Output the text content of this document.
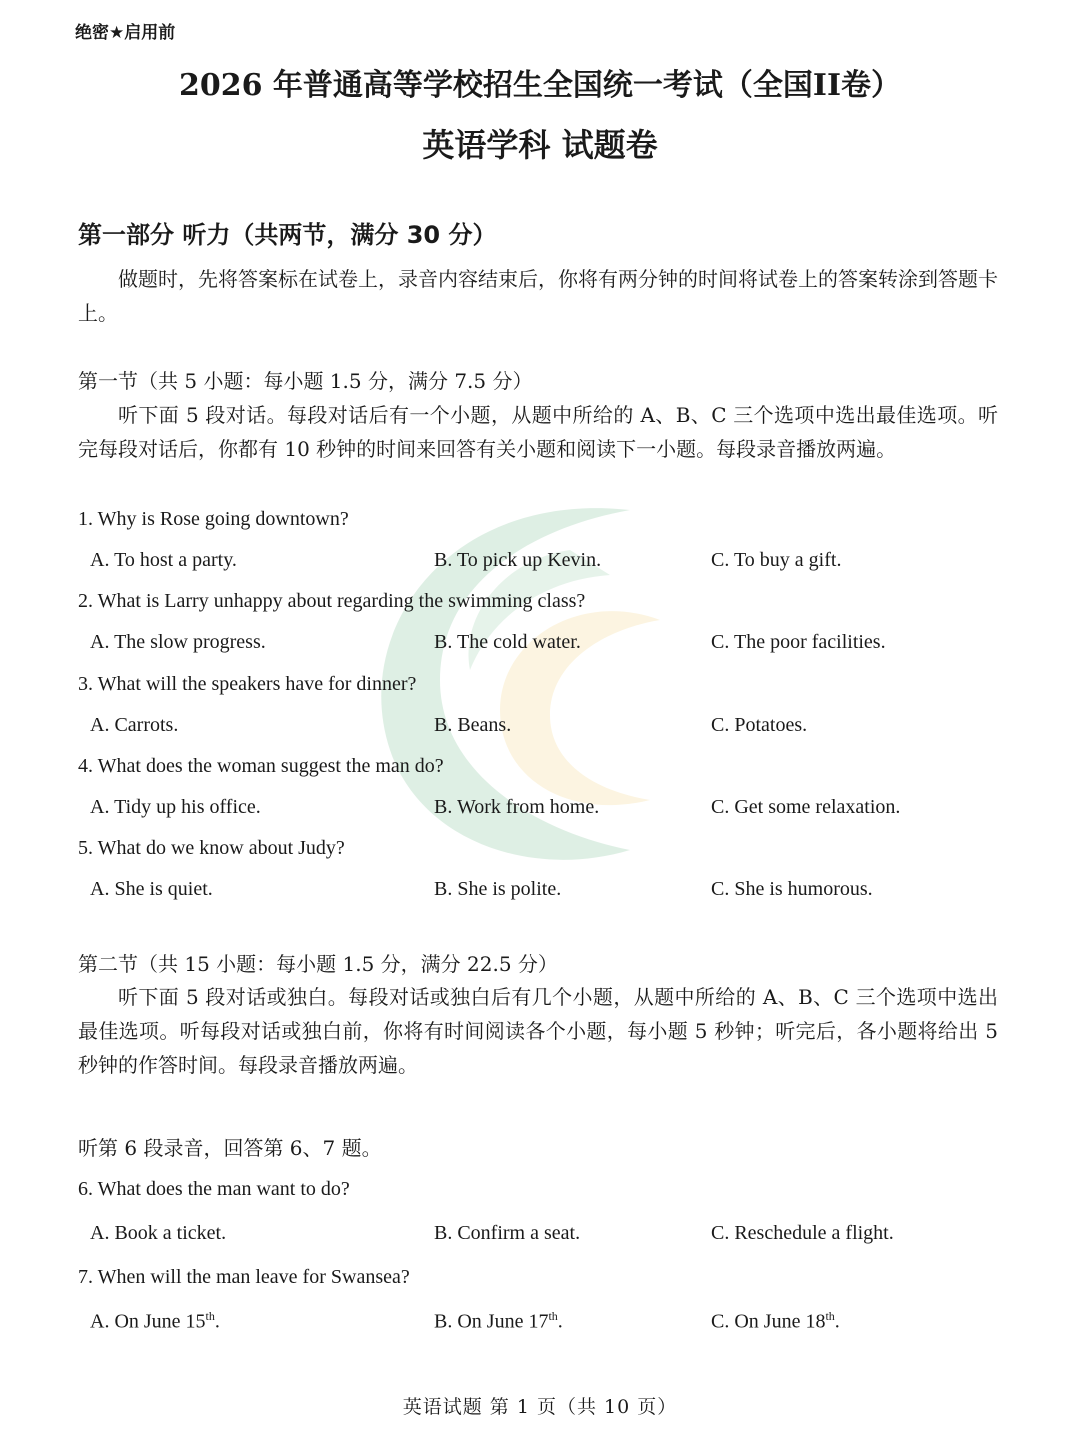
绝密★启用前
2026 年普通高等学校招生全国统一考试（全国II卷）
英语学科 试题卷
第一部分 听力（共两节，满分 30 分）
做题时，先将答案标在试卷上，录音内容结束后，你将有两分钟的时间将试卷上的答案转涂到答题卡上。
第一节（共 5 小题：每小题 1.5 分，满分 7.5 分）
听下面 5 段对话。每段对话后有一个小题，从题中所给的 A、B、C 三个选项中选出最佳选项。听完每段对话后，你都有 10 秒钟的时间来回答有关小题和阅读下一小题。每段录音播放两遍。
1. Why is Rose going downtown?
A. To host a party.	B. To pick up Kevin.	C. To buy a gift.
2. What is Larry unhappy about regarding the swimming class?
A. The slow progress.	B. The cold water.	C. The poor facilities.
3. What will the speakers have for dinner?
A. Carrots.	B. Beans.	C. Potatoes.
4. What does the woman suggest the man do?
A. Tidy up his office.	B. Work from home.	C. Get some relaxation.
5. What do we know about Judy?
A. She is quiet.	B. She is polite.	C. She is humorous.
第二节（共 15 小题：每小题 1.5 分，满分 22.5 分）
听下面 5 段对话或独白。每段对话或独白后有几个小题，从题中所给的 A、B、C 三个选项中选出最佳选项。听每段对话或独白前，你将有时间阅读各个小题，每小题 5 秒钟；听完后，各小题将给出 5 秒钟的作答时间。每段录音播放两遍。
听第 6 段录音，回答第 6、7 题。
6. What does the man want to do?
A. Book a ticket.	B. Confirm a seat.	C. Reschedule a flight.
7. When will the man leave for Swansea?
A. On June 15th.	B. On June 17th.	C. On June 18th.
英语试题 第 1 页（共 10 页）
